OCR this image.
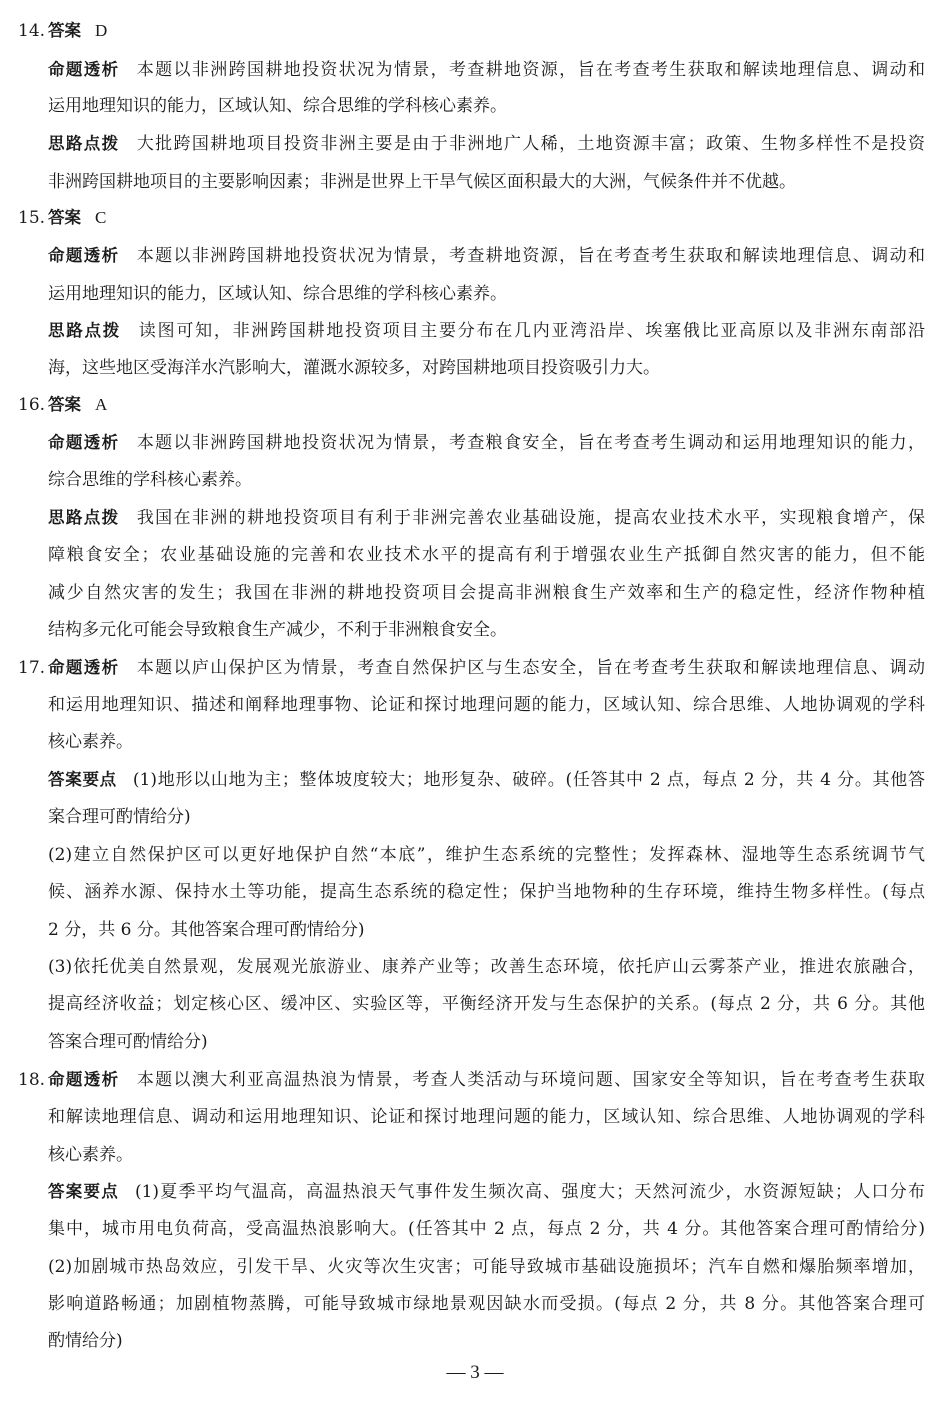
14. 答案 D
命题透析 本题以非洲跨国耕地投资状况为情景，考查耕地资源，旨在考查考生获取和解读地理信息、调动和
运用地理知识的能力，区域认知、综合思维的学科核心素养。
思路点拨 大批跨国耕地项目投资非洲主要是由于非洲地广人稀，土地资源丰富；政策、生物多样性不是投资
非洲跨国耕地项目的主要影响因素；非洲是世界上干旱气候区面积最大的大洲，气候条件并不优越。
15. 答案 C
命题透析 本题以非洲跨国耕地投资状况为情景，考查耕地资源，旨在考查考生获取和解读地理信息、调动和
运用地理知识的能力，区域认知、综合思维的学科核心素养。
思路点拨 读图可知，非洲跨国耕地投资项目主要分布在几内亚湾沿岸、埃塞俄比亚高原以及非洲东南部沿
海，这些地区受海洋水汽影响大，灌溉水源较多，对跨国耕地项目投资吸引力大。
16. 答案 A
命题透析 本题以非洲跨国耕地投资状况为情景，考查粮食安全，旨在考查考生调动和运用地理知识的能力，
综合思维的学科核心素养。
思路点拨 我国在非洲的耕地投资项目有利于非洲完善农业基础设施，提高农业技术水平，实现粮食增产，保
障粮食安全；农业基础设施的完善和农业技术水平的提高有利于增强农业生产抵御自然灾害的能力，但不能
减少自然灾害的发生；我国在非洲的耕地投资项目会提高非洲粮食生产效率和生产的稳定性，经济作物种植
结构多元化可能会导致粮食生产减少，不利于非洲粮食安全。
17. 命题透析 本题以庐山保护区为情景，考查自然保护区与生态安全，旨在考查考生获取和解读地理信息、调动
和运用地理知识、描述和阐释地理事物、论证和探讨地理问题的能力，区域认知、综合思维、人地协调观的学科
核心素养。
答案要点 (1)地形以山地为主；整体坡度较大；地形复杂、破碎。(任答其中 2 点，每点 2 分，共 4 分。其他答
案合理可酌情给分)
(2)建立自然保护区可以更好地保护自然“本底”，维护生态系统的完整性；发挥森林、湿地等生态系统调节气
候、涵养水源、保持水土等功能，提高生态系统的稳定性；保护当地物种的生存环境，维持生物多样性。(每点
2 分，共 6 分。其他答案合理可酌情给分)
(3)依托优美自然景观，发展观光旅游业、康养产业等；改善生态环境，依托庐山云雾茶产业，推进农旅融合，
提高经济收益；划定核心区、缓冲区、实验区等，平衡经济开发与生态保护的关系。(每点 2 分，共 6 分。其他
答案合理可酌情给分)
18. 命题透析 本题以澳大利亚高温热浪为情景，考查人类活动与环境问题、国家安全等知识，旨在考查考生获取
和解读地理信息、调动和运用地理知识、论证和探讨地理问题的能力，区域认知、综合思维、人地协调观的学科
核心素养。
答案要点 (1)夏季平均气温高，高温热浪天气事件发生频次高、强度大；天然河流少，水资源短缺；人口分布
集中，城市用电负荷高，受高温热浪影响大。(任答其中 2 点，每点 2 分，共 4 分。其他答案合理可酌情给分)
(2)加剧城市热岛效应，引发干旱、火灾等次生灾害；可能导致城市基础设施损坏；汽车自燃和爆胎频率增加，
影响道路畅通；加剧植物蒸腾，可能导致城市绿地景观因缺水而受损。(每点 2 分，共 8 分。其他答案合理可
酌情给分)
— 3 —
